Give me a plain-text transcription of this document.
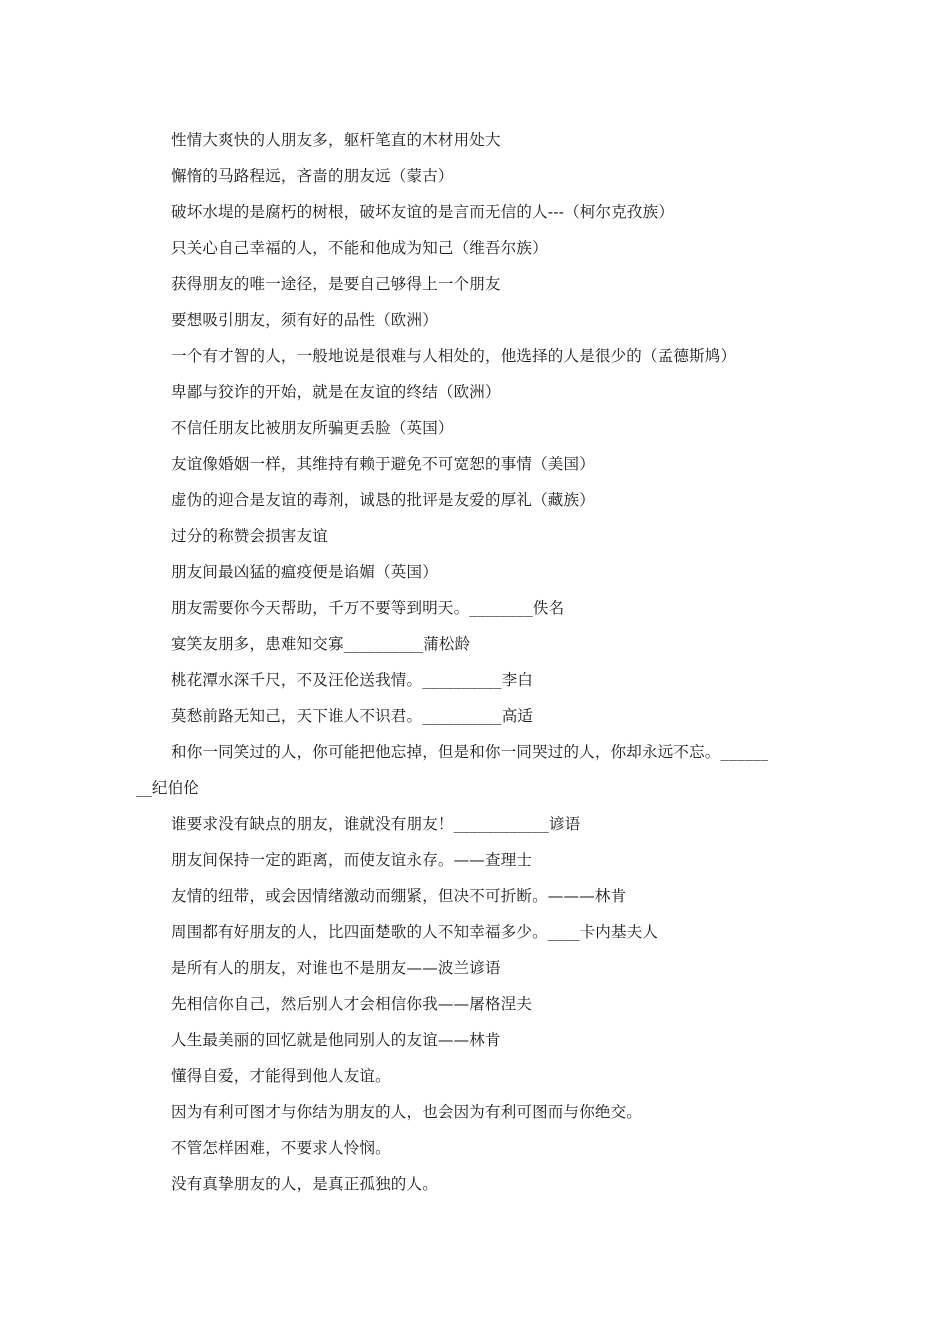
性情大爽快的人朋友多，躯杆笔直的木材用处大
懈惰的马路程远，吝啬的朋友远（蒙古）
破坏水堤的是腐朽的树根，破坏友谊的是言而无信的人---（柯尔克孜族）
只关心自己幸福的人，不能和他成为知己（维吾尔族）
获得朋友的唯一途径，是要自己够得上一个朋友
要想吸引朋友，须有好的品性（欧洲）
一个有才智的人，一般地说是很难与人相处的，他选择的人是很少的（孟德斯鸠）
卑鄙与狡诈的开始，就是在友谊的终结（欧洲）
不信任朋友比被朋友所骗更丢脸（英国）
友谊像婚姻一样，其维持有赖于避免不可宽恕的事情（美国）
虚伪的迎合是友谊的毒剂，诚恳的批评是友爱的厚礼（藏族）
过分的称赞会损害友谊
朋友间最凶猛的瘟疫便是谄媚（英国）
朋友需要你今天帮助，千万不要等到明天。________佚名
宴笑友朋多，患难知交寡__________蒲松龄
桃花潭水深千尺，不及汪伦送我情。__________李白
莫愁前路无知己，天下谁人不识君。__________高适
和你一同笑过的人，你可能把他忘掉，但是和你一同哭过的人，你却永远不忘。______
__纪伯伦
谁要求没有缺点的朋友，谁就没有朋友！____________谚语
朋友间保持一定的距离，而使友谊永存。——查理士
友情的纽带，或会因情绪激动而绷紧，但决不可折断。———林肯
周围都有好朋友的人，比四面楚歌的人不知幸福多少。____卡内基夫人
是所有人的朋友，对谁也不是朋友——波兰谚语
先相信你自己，然后别人才会相信你我——屠格涅夫
人生最美丽的回忆就是他同别人的友谊——林肯
懂得自爱，才能得到他人友谊。
因为有利可图才与你结为朋友的人，也会因为有利可图而与你绝交。
不管怎样困难，不要求人怜悯。
没有真挚朋友的人，是真正孤独的人。
